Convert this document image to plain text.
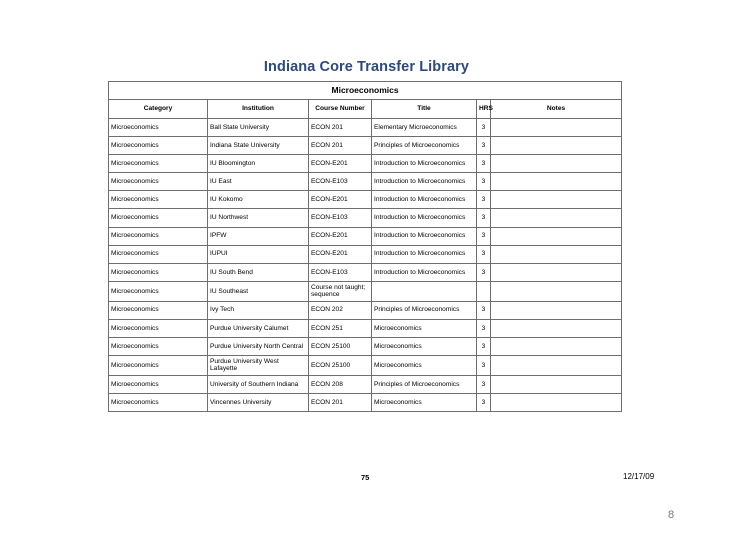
Indiana Core Transfer Library
Microeconomics					
Category	Institution	Course Number	Title	HRS	Notes
Microeconomics	Ball State University	ECON 201	Elementary Microeconomics	3	
Microeconomics	Indiana State University	ECON 201	Principles of Microeconomics	3	
Microeconomics	IU Bloomington	ECON-E201	Introduction to Microeconomics	3	
Microeconomics	IU East	ECON-E103	Introduction to Microeconomics	3	
Microeconomics	IU Kokomo	ECON-E201	Introduction to Microeconomics	3	
Microeconomics	IU Northwest	ECON-E103	Introduction to Microeconomics	3	
Microeconomics	IPFW	ECON-E201	Introduction to Microeconomics	3	
Microeconomics	IUPUI	ECON-E201	Introduction to Microeconomics	3	
Microeconomics	IU South Bend	ECON-E103	Introduction to Microeconomics	3	
Microeconomics	IU Southeast	Course not taught; sequence			
Microeconomics	Ivy Tech	ECON 202	Principles of Microeconomics	3	
Microeconomics	Purdue University Calumet	ECON 251	Microeconomics	3	
Microeconomics	Purdue University North Central	ECON 25100	Microeconomics	3	
Microeconomics	Purdue University West Lafayette	ECON 25100	Microeconomics	3	
Microeconomics	University of Southern Indiana	ECON 208	Principles of Microeconomics	3	
Microeconomics	Vincennes University	ECON 201	Microeconomics	3	
75	12/17/09
8
